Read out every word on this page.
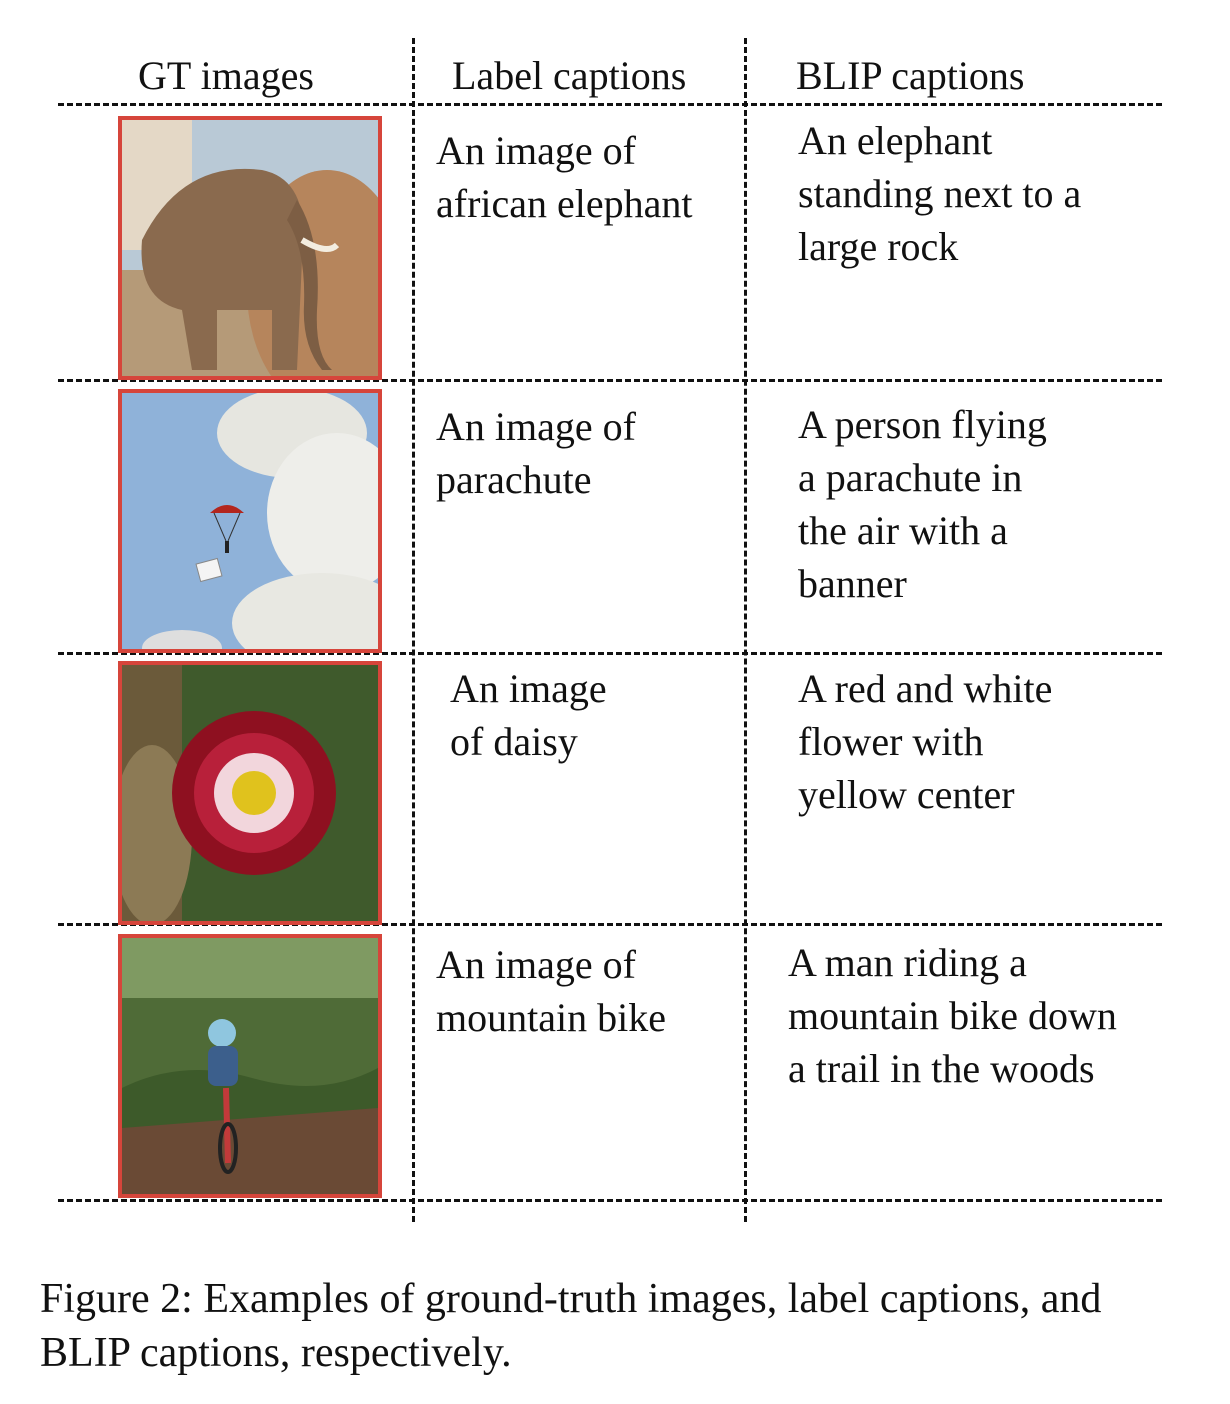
GT images	Label captions	BLIP captions
An image of
african elephant
An elephant
standing next to a
large rock
An image of
parachute
A person flying
a parachute in
the air with a
banner
An image
of daisy
A red and white
flower with
yellow center
An image of
mountain bike
A man riding a
mountain bike down
a trail in the woods
Figure 2: Examples of ground-truth images, label captions, and BLIP captions, respectively.
